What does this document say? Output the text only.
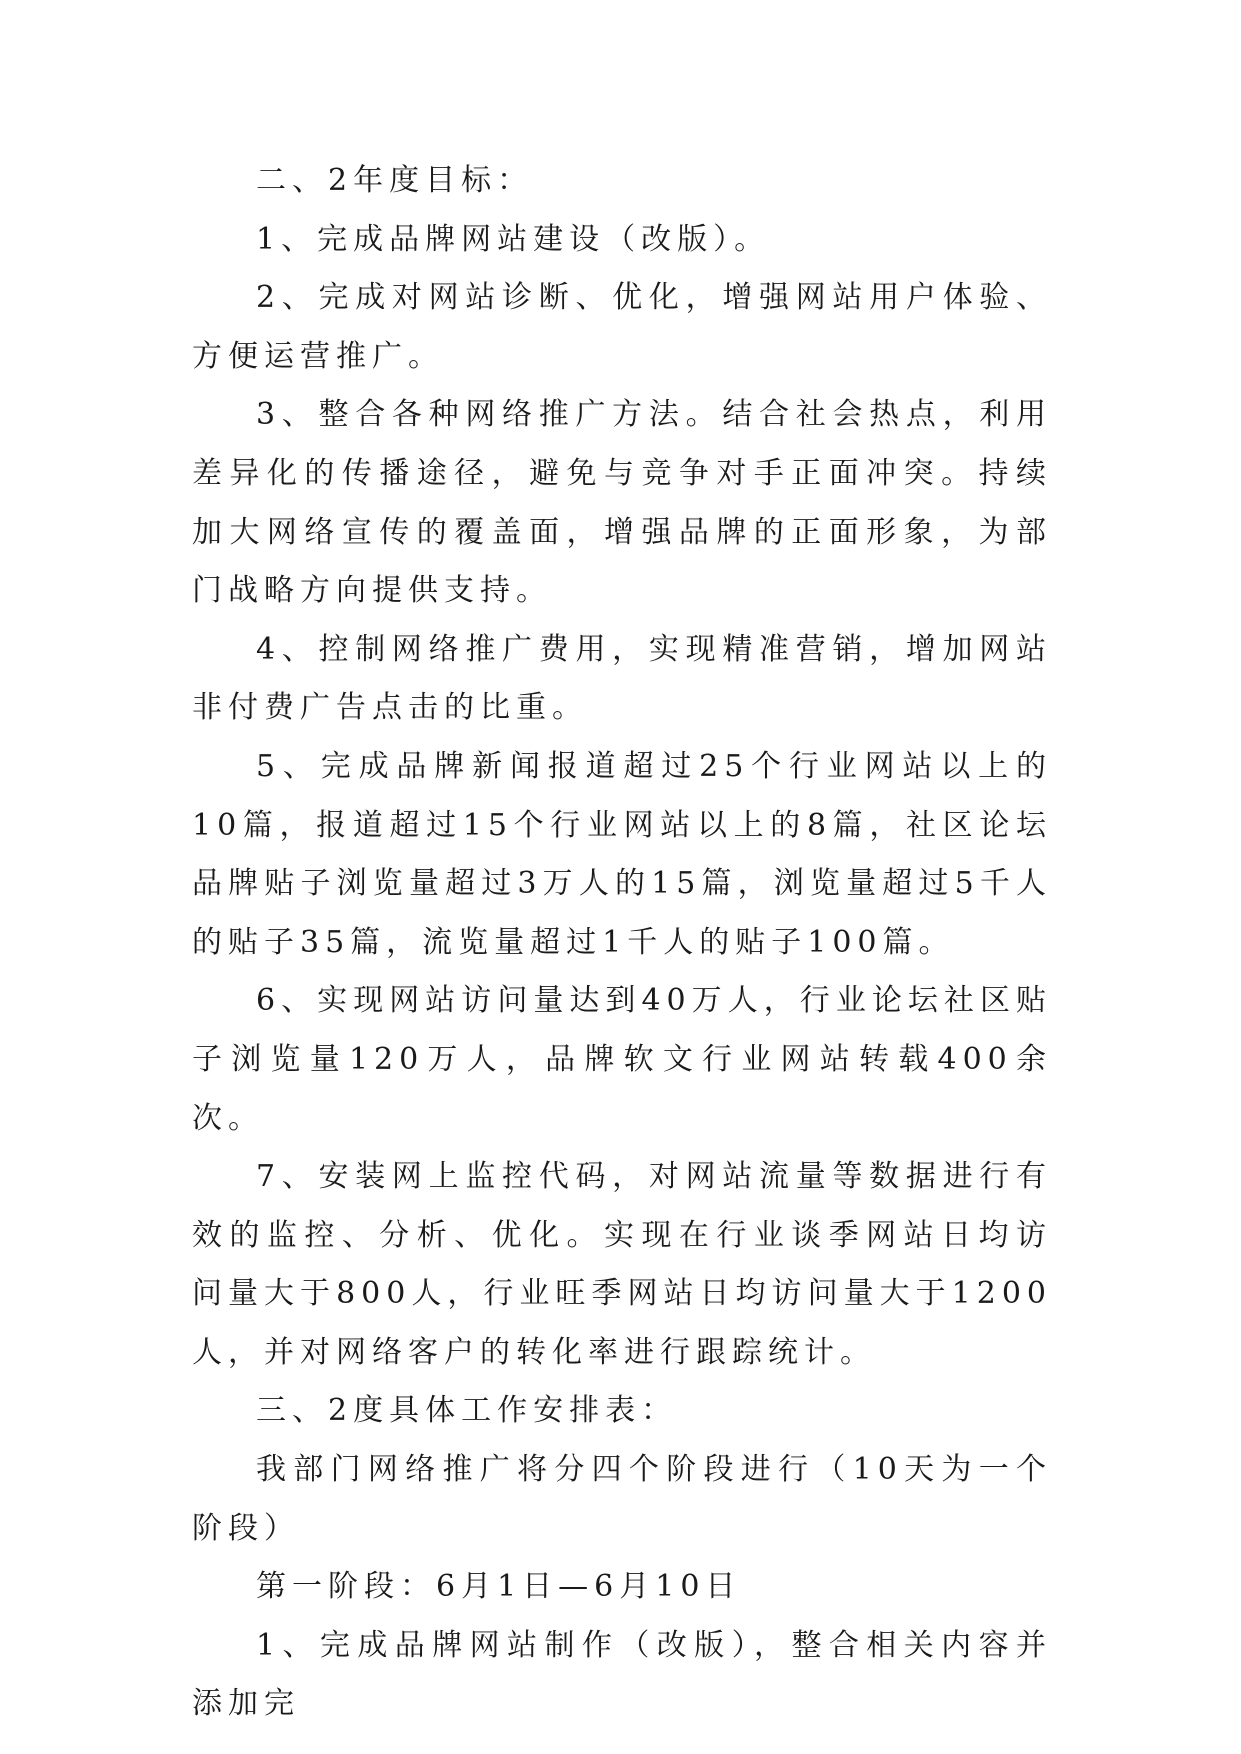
二、2年度目标：

1、完成品牌网站建设（改版）。

2、完成对网站诊断、优化，增强网站用户体验、方便运营推广。

3、整合各种网络推广方法。结合社会热点，利用差异化的传播途径，避免与竞争对手正面冲突。持续加大网络宣传的覆盖面，增强品牌的正面形象，为部门战略方向提供支持。

4、控制网络推广费用，实现精准营销，增加网站非付费广告点击的比重。

5、完成品牌新闻报道超过25个行业网站以上的10篇，报道超过15个行业网站以上的8篇，社区论坛品牌贴子浏览量超过3万人的15篇，浏览量超过5千人的贴子35篇，流览量超过1千人的贴子100篇。

6、实现网站访问量达到40万人，行业论坛社区贴子浏览量120万人，品牌软文行业网站转载400余次。

7、安装网上监控代码，对网站流量等数据进行有效的监控、分析、优化。实现在行业谈季网站日均访问量大于800人，行业旺季网站日均访问量大于1200人，并对网络客户的转化率进行跟踪统计。

三、2度具体工作安排表：

我部门网络推广将分四个阶段进行（10天为一个阶段）

第一阶段：6月1日—6月10日

1、完成品牌网站制作（改版），整合相关内容并添加完
